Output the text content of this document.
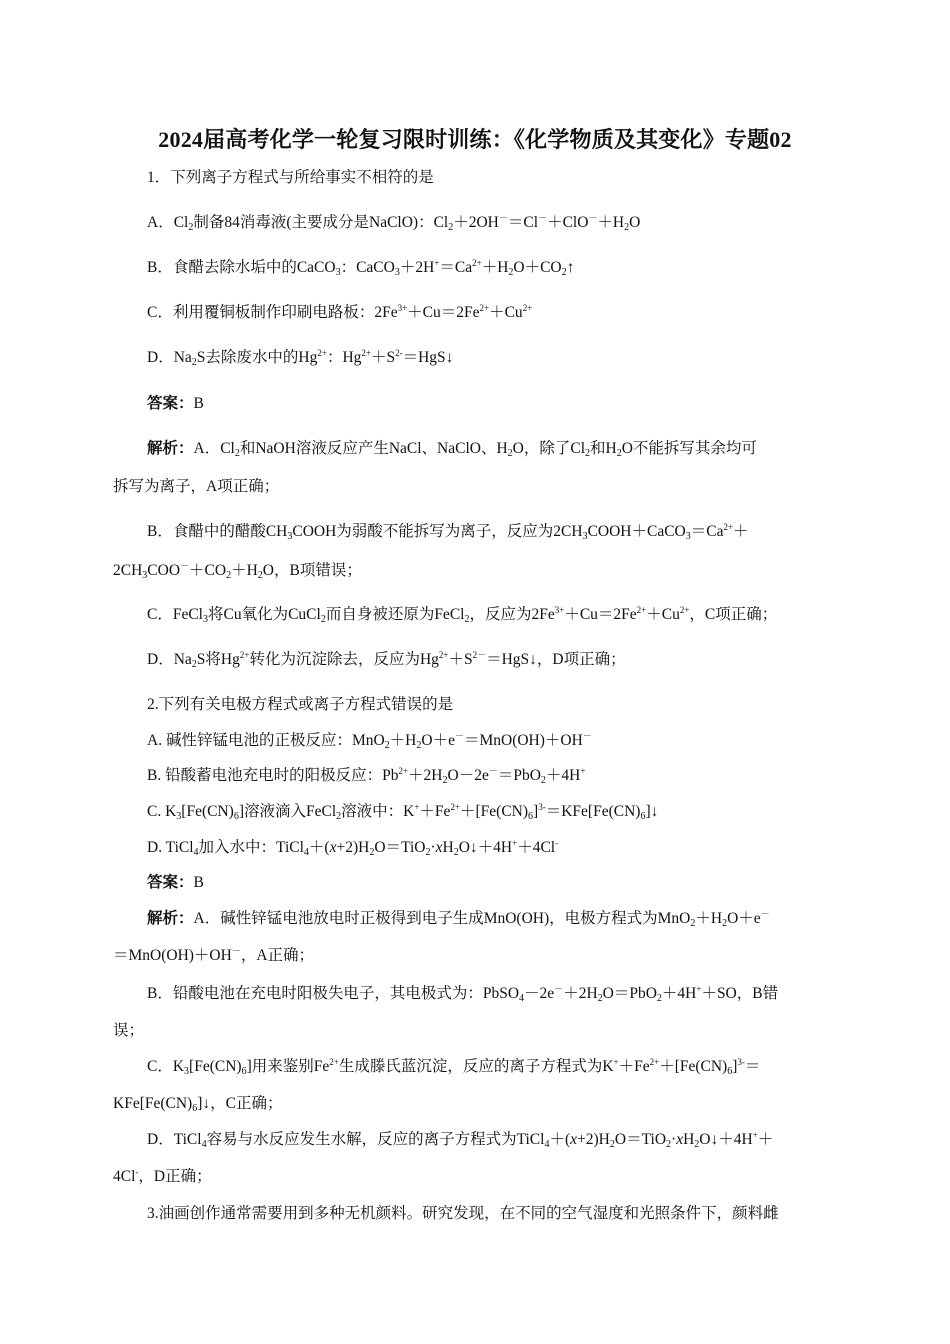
2024届高考化学一轮复习限时训练：《化学物质及其变化》专题02
1．下列离子方程式与所给事实不相符的是
A．$Cl_2$制备84消毒液(主要成分是NaClO)：$Cl_2+2OH^-=Cl^-+ClO^-+H_2O$
B．食醋去除水垢中的CaCO$_3$：$CaCO_3+2H^+=Ca^{2+}+H_2O+CO_2↑$
C．利用覆铜板制作印刷电路板：$2Fe^{3+}+Cu=2Fe^{2+}+Cu^{2+}$
D．$Na_2S$去除废水中的$Hg^{2+}$：$Hg^{2+}+S^{2-}=HgS↓$
答案：B
解析：A．$Cl_2$和NaOH溶液反应产生NaCl、NaClO、$H_2O$，除了$Cl_2$和$H_2O$不能拆写其余均可
拆写为离子，A项正确；
B．食醋中的醋酸$CH_3COOH$为弱酸不能拆写为离子，反应为$2CH_3COOH+CaCO_3=Ca^{2+}+$
$2CH_3COO^-+CO_2+H_2O$，B项错误；
C．FeCl$_3$将Cu氧化为CuCl$_2$而自身被还原为FeCl$_2$，反应为$2Fe^{3+}+Cu=2Fe^{2+}+Cu^{2+}$，C项正确；
D．$Na_2S$将$Hg^{2+}$转化为沉淀除去，反应为$Hg^{2+}+S^{2-}=HgS↓$，D项正确；
2.下列有关电极方程式或离子方程式错误的是
A. 碱性锌锰电池的正极反应：$MnO_2+H_2O+e^-=MnO(OH)+OH^-$
B. 铅酸蓄电池充电时的阳极反应：$Pb^{2+}+2H_2O-2e^-=PbO_2+4H^+$
C. $K_3[Fe(CN)_6]$溶液滴入FeCl$_2$溶液中：$K^++Fe^{2+}+[Fe(CN)_6]^{3-}=KFe[Fe(CN)_6]↓$
D. TiCl$_4$加入水中：$TiCl_4+(x+2)H_2O=TiO_2\cdot xH_2O↓+4H^++4Cl^-$
答案：B
解析：A．碱性锌锰电池放电时正极得到电子生成MnO(OH)，电极方程式为$MnO_2+H_2O+e^-$
＝MnO(OH)＋OH－，A正确；
B．铅酸电池在充电时阳极失电子，其电极式为：$PbSO_4-2e^-+2H_2O=PbO_2+4H^++SO$，B错
误；
C．$K_3[Fe(CN)_6]$用来鉴别$Fe^{2+}$生成滕氏蓝沉淀，反应的离子方程式为$K^++Fe^{2+}+[Fe(CN)_6]^{3-}=$
$KFe[Fe(CN)_6]↓$，C正确；
D．TiCl$_4$容易与水反应发生水解，反应的离子方程式为$TiCl_4+(x+2)H_2O=TiO_2\cdot xH_2O↓+4H^++$
4Cl-，D正确；
3.油画创作通常需要用到多种无机颜料。研究发现，在不同的空气湿度和光照条件下，颜料雌
